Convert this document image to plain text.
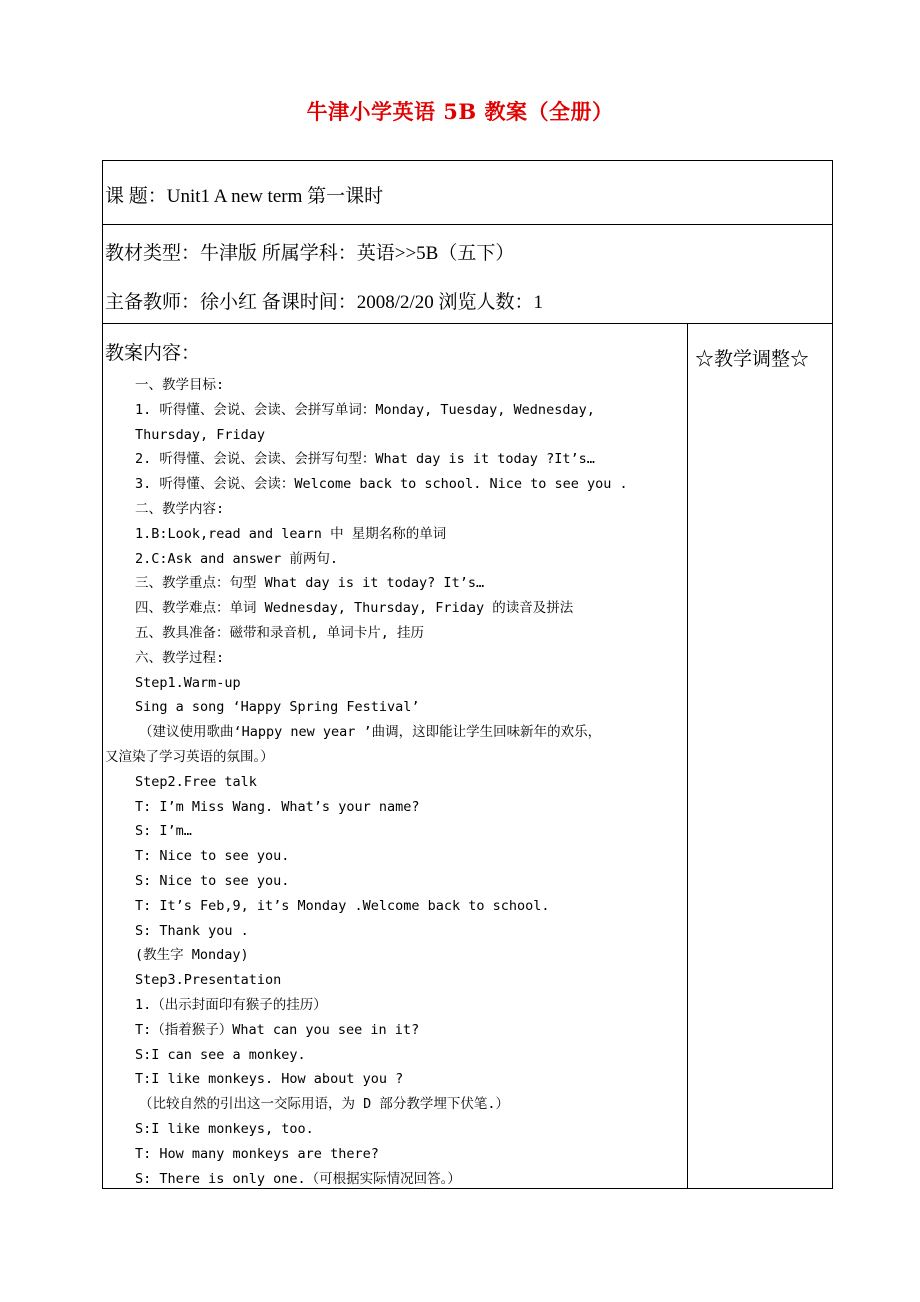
牛津小学英语 5B 教案（全册）
课 题：Unit1 A new term 第一课时
教材类型：牛津版 所属学科：英语>>5B（五下）
主备教师：徐小红 备课时间：2008/2/20 浏览人数：1
教案内容：	☆教学调整☆
一、教学目标:
1. 听得懂、会说、会读、会拼写单词：Monday, Tuesday, Wednesday,
Thursday, Friday
2. 听得懂、会说、会读、会拼写句型：What day is it today ?It’s…
3. 听得懂、会说、会读：Welcome back to school. Nice to see you .
二、教学内容:
1.B:Look,read and learn 中 星期名称的单词
2.C:Ask and answer 前两句.
三、教学重点：句型 What day is it today? It’s…
四、教学难点：单词 Wednesday, Thursday, Friday 的读音及拼法
五、教具准备：磁带和录音机, 单词卡片, 挂历
六、教学过程:
Step1.Warm-up
Sing a song ‘Happy Spring Festival’
（建议使用歌曲‘Happy new year ’曲调，这即能让学生回味新年的欢乐，
又渲染了学习英语的氛围。）
Step2.Free talk
T: I’m Miss Wang. What’s your name?
S: I’m…
T: Nice to see you.
S: Nice to see you.
T: It’s Feb,9, it’s Monday .Welcome back to school.
S: Thank you .
(教生字 Monday)
Step3.Presentation
1.（出示封面印有猴子的挂历）
T:（指着猴子）What can you see in it?
S:I can see a monkey.
T:I like monkeys. How about you ?
（比较自然的引出这一交际用语，为 D 部分教学埋下伏笔.）
S:I like monkeys, too.
T: How many monkeys are there?
S: There is only one.（可根据实际情况回答。）
